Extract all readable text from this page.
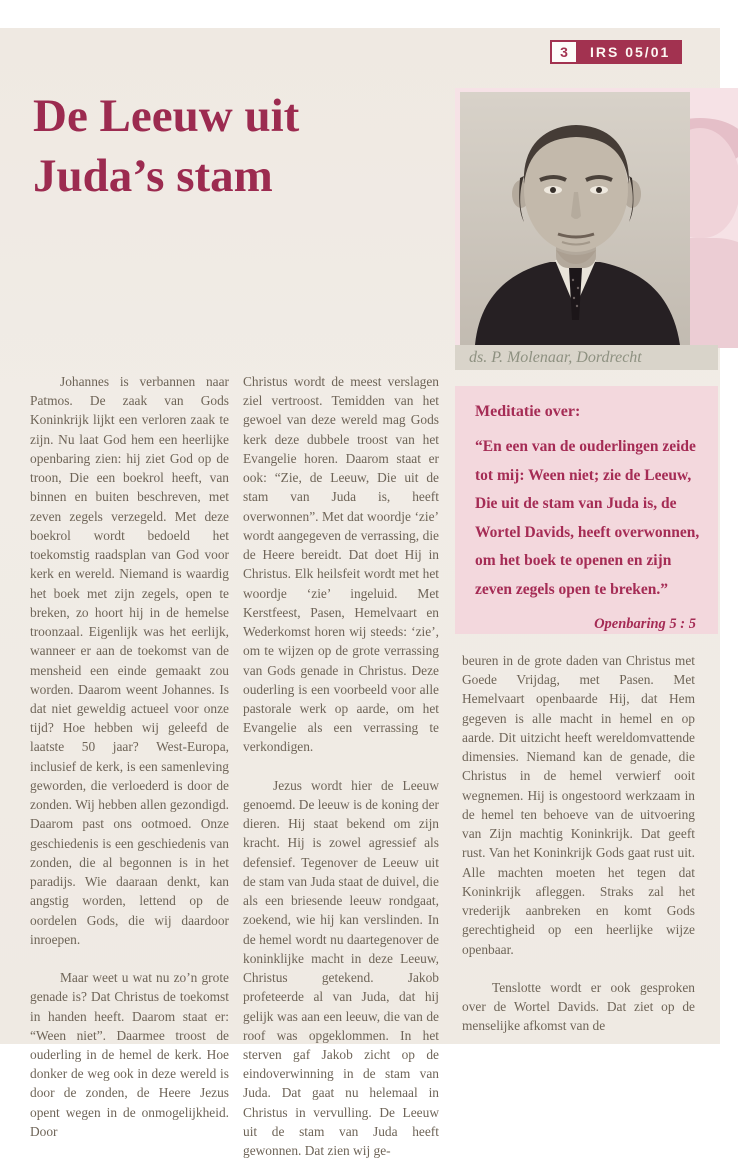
3	IRS 05/01
De Leeuw uit
Juda’s stam
ds. P. Molenaar, Dordrecht

Meditatie over:

“En een van de ouderlingen zeide tot mij: Ween niet; zie de Leeuw, Die uit de stam van Juda is, de Wortel Davids, heeft overwonnen, om het boek te openen en zijn zeven zegels open te breken.”

Openbaring 5 : 5

Johannes is verbannen naar Patmos. De zaak van Gods Koninkrijk lijkt een verloren zaak te zijn. Nu laat God hem een heerlijke openbaring zien: hij ziet God op de troon, Die een boekrol heeft, van binnen en buiten beschreven, met zeven zegels verzegeld. Met deze boekrol wordt bedoeld het toekomstig raadsplan van God voor kerk en wereld. Niemand is waardig het boek met zijn zegels, open te breken, zo hoort hij in de hemelse troonzaal. Eigenlijk was het eerlijk, wanneer er aan de toekomst van de mensheid een einde gemaakt zou worden. Daarom weent Johannes. Is dat niet geweldig actueel voor onze tijd? Hoe hebben wij geleefd de laatste 50 jaar? West-Europa, inclusief de kerk, is een samenleving geworden, die verloederd is door de zonden. Wij hebben allen gezondigd. Daarom past ons ootmoed. Onze geschiedenis is een geschiedenis van zonden, die al begonnen is in het paradijs. Wie daaraan denkt, kan angstig worden, lettend op de oordelen Gods, die wij daardoor inroepen.

Maar weet u wat nu zo’n grote genade is? Dat Christus de toekomst in handen heeft. Daarom staat er: “Ween niet”. Daarmee troost de ouderling in de hemel de kerk. Hoe donker de weg ook in deze wereld is door de zonden, de Heere Jezus opent wegen in de onmogelijkheid. Door

Christus wordt de meest verslagen ziel vertroost. Temidden van het gewoel van deze wereld mag Gods kerk deze dubbele troost van het Evangelie horen. Daarom staat er ook: “Zie, de Leeuw, Die uit de stam van Juda is, heeft overwonnen”. Met dat woordje ‘zie’ wordt aangegeven de verrassing, die de Heere bereidt. Dat doet Hij in Christus. Elk heilsfeit wordt met het woordje ‘zie’ ingeluid. Met Kerstfeest, Pasen, Hemelvaart en Wederkomst horen wij steeds: ‘zie’, om te wijzen op de grote verrassing van Gods genade in Christus. Deze ouderling is een voorbeeld voor alle pastorale werk op aarde, om het Evangelie als een verrassing te verkondigen.

Jezus wordt hier de Leeuw genoemd. De leeuw is de koning der dieren. Hij staat bekend om zijn kracht. Hij is zowel agressief als defensief. Tegenover de Leeuw uit de stam van Juda staat de duivel, die als een briesende leeuw rondgaat, zoekend, wie hij kan verslinden. In de hemel wordt nu daartegenover de koninklijke macht in deze Leeuw, Christus getekend. Jakob profeteerde al van Juda, dat hij gelijk was aan een leeuw, die van de roof was opgeklommen. In het sterven gaf Jakob zicht op de eindoverwinning in de stam van Juda. Dat gaat nu helemaal in Christus in vervulling. De Leeuw uit de stam van Juda heeft gewonnen. Dat zien wij ge-

beuren in de grote daden van Christus met Goede Vrijdag, met Pasen. Met Hemelvaart openbaarde Hij, dat Hem gegeven is alle macht in hemel en op aarde. Dit uitzicht heeft wereldomvattende dimensies. Niemand kan de genade, die Christus in de hemel verwierf ooit wegnemen. Hij is ongestoord werkzaam in de hemel ten behoeve van de uitvoering van Zijn machtig Koninkrijk. Dat geeft rust. Van het Koninkrijk Gods gaat rust uit. Alle machten moeten het tegen dat Koninkrijk afleggen. Straks zal het vrederijk aanbreken en komt Gods gerechtigheid op een heerlijke wijze openbaar.

Tenslotte wordt er ook gesproken over de Wortel Davids. Dat ziet op de menselijke afkomst van de
